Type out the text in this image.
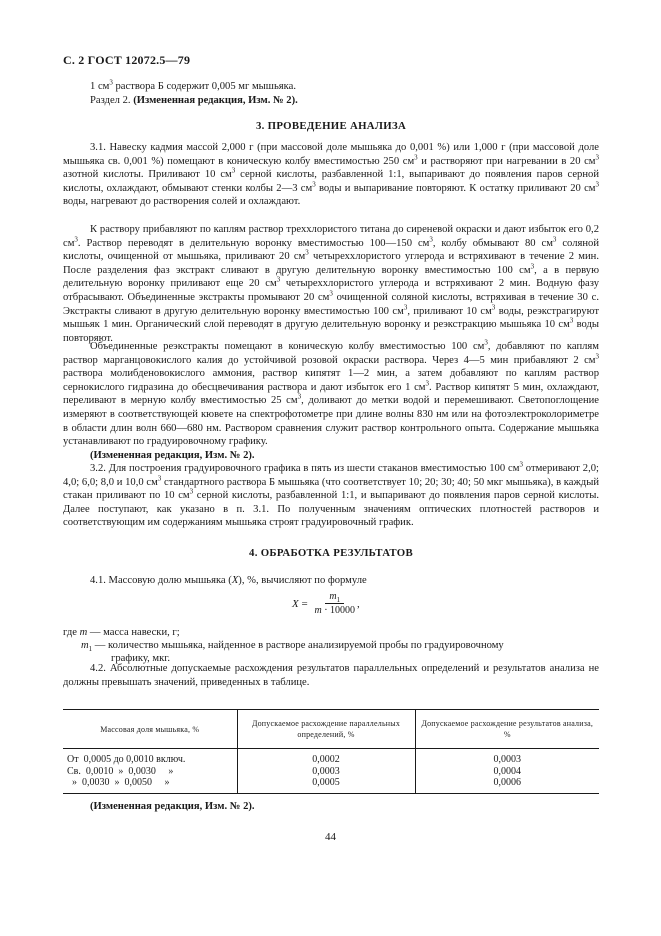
С. 2 ГОСТ 12072.5—79
1 $см^3$ раствора Б содержит 0,005 мг мышьяка.
Раздел 2. (Измененная редакция, Изм. № 2).
3. ПРОВЕДЕНИЕ АНАЛИЗА
3.1. Навеску кадмия массой 2,000 г (при массовой доле мышьяка до 0,001 %) или 1,000 г (при массовой доле мышьяка св. 0,001 %) помещают в коническую колбу вместимостью 250 $см^3$ и растворяют при нагревании в 20 $см^3$ азотной кислоты. Приливают 10 $см^3$ серной кислоты, разбавленной 1:1, выпаривают до появления паров серной кислоты, охлаждают, обмывают стенки колбы 2—3 $см^3$ воды и выпаривание повторяют. К остатку приливают 20 $см^3$ воды, нагревают до растворения солей и охлаждают.
К раствору прибавляют по каплям раствор треххлористого титана до сиреневой окраски и дают избыток его 0,2 $см^3$. Раствор переводят в делительную воронку вместимостью 100—150 $см^3$, колбу обмывают 80 $см^3$ соляной кислоты, очищенной от мышьяка, приливают 20 $см^3$ четыреххлористого углерода и встряхивают в течение 2 мин. После разделения фаз экстракт сливают в другую делительную воронку вместимостью 100 $см^3$, а в первую делительную воронку приливают еще 20 $см^3$ четыреххлористого углерода и встряхивают 2 мин. Водную фазу отбрасывают. Объединенные экстракты промывают 20 $см^3$ очищенной соляной кислоты, встряхивая в течение 30 с. Экстракты сливают в другую делительную воронку вместимостью 100 $см^3$, приливают 10 $см^3$ воды, реэкстрагируют мышьяк 1 мин. Органический слой переводят в другую делительную воронку и реэкстракцию мышьяка 10 $см^3$ воды повторяют.
Объединенные реэкстракты помещают в коническую колбу вместимостью 100 $см^3$, добавляют по каплям раствор марганцовокислого калия до устойчивой розовой окраски раствора. Через 4—5 мин прибавляют 2 $см^3$ раствора молибденовокислого аммония, раствор кипятят 1—2 мин, а затем добавляют по каплям раствор сернокислого гидразина до обесцвечивания раствора и дают избыток его 1 $см^3$. Раствор кипятят 5 мин, охлаждают, переливают в мерную колбу вместимостью 25 $см^3$, доливают до метки водой и перемешивают. Светопоглощение измеряют в соответствующей кювете на спектрофотометре при длине волны 830 нм или на фотоэлектроколориметре в области длин волн 660—680 нм. Раствором сравнения служит раствор контрольного опыта. Содержание мышьяка устанавливают по градуировочному графику.
(Измененная редакция, Изм. № 2).
3.2. Для построения градуировочного графика в пять из шести стаканов вместимостью 100 $см^3$ отмеривают 2,0; 4,0; 6,0; 8,0 и 10,0 $см^3$ стандартного раствора Б мышьяка (что соответствует 10; 20; 30; 40; 50 мкг мышьяка), в каждый стакан приливают по 10 $см^3$ серной кислоты, разбавленной 1:1, и выпаривают до появления паров серной кислоты. Далее поступают, как указано в п. 3.1. По полученным значениям оптических плотностей растворов и соответствующим им содержаниям мышьяка строят градуировочный график.
4. ОБРАБОТКА РЕЗУЛЬТАТОВ
4.1. Массовую долю мышьяка (X), %, вычисляют по формуле
$X = \frac{m_1}{m \cdot 10000}$ ,
где m — масса навески, г;
$m_1$ — количество мышьяка, найденное в растворе анализируемой пробы по градуировочному
графику, мкг.
4.2. Абсолютные допускаемые расхождения результатов параллельных определений и результатов анализа не должны превышать значений, приведенных в таблице.
Массовая доля мышьяка, %	Допускаемое расхождение параллельных определений, %	Допускаемое расхождение результатов анализа, %
От  0,0005 до 0,0010 включ.	0,0002	0,0003
Св.  0,0010  »  0,0030     »	0,0003	0,0004
»  0,0030  »  0,0050     »	0,0005	0,0006
(Измененная редакция, Изм. № 2).
44
